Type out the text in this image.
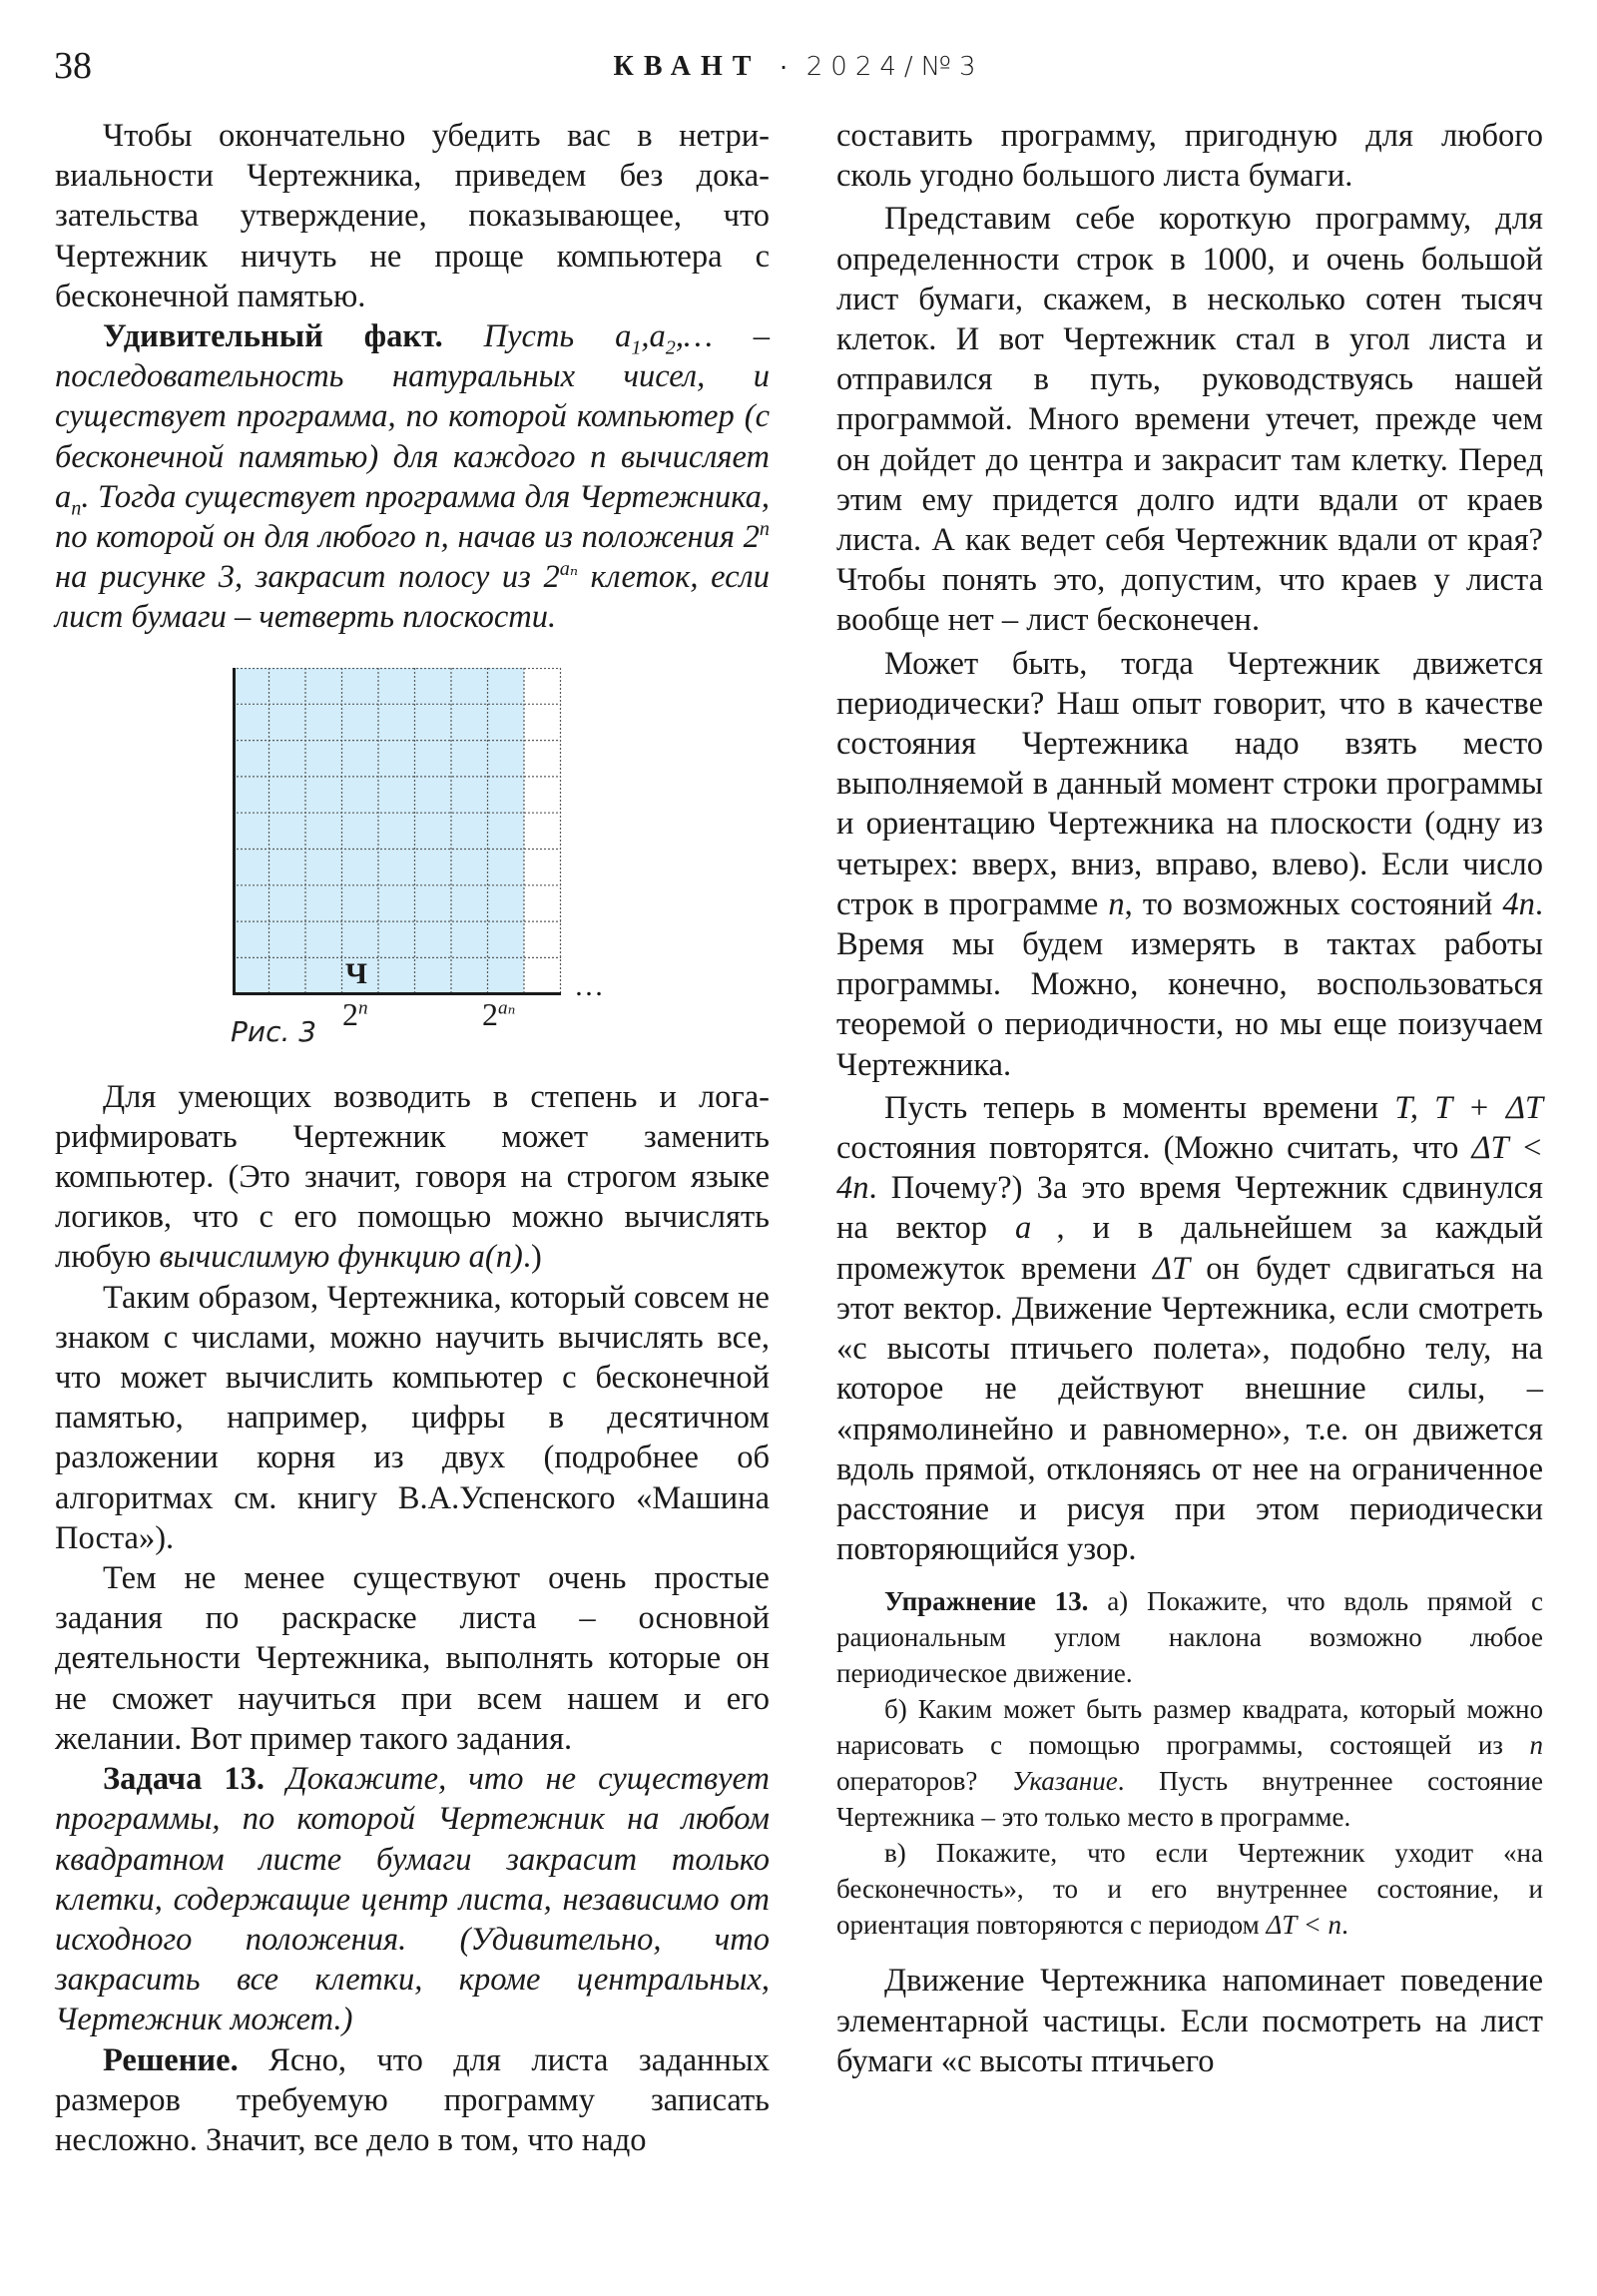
38	КВАНТ · 2024/№3

Чтобы окончательно убедить вас в нетривиальности Чертежника, приведем без доказательства утверждение, показывающее, что Чертежник ничуть не проще компьютера с бесконечной памятью.

Удивительный факт. Пусть $a_1,a_2,\dots$ – последовательность натуральных чисел, и существует программа, по которой компьютер (с бесконечной памятью) для каждого n вычисляет $a_n$. Тогда существует программа для Чертежника, по которой он для любого n, начав из положения 2$^n$ на рисунке 3, закрасит полосу из $2^{a_n}$ клеток, если лист бумаги – четверть плоскости.

Ч	…
2$^n$	$2^{a_n}$
Рис. 3

Для умеющих возводить в степень и логарифмировать Чертежник может заменить компьютер. (Это значит, говоря на строгом языке логиков, что с его помощью можно вычислять любую вычислимую функцию a(n).)

Таким образом, Чертежника, который совсем не знаком с числами, можно научить вычислять все, что может вычислить компьютер с бесконечной памятью, например, цифры в десятичном разложении корня из двух (подробнее об алгоритмах см. книгу В.А.Успенского «Машина Поста»).

Тем не менее существуют очень простые задания по раскраске листа – основной деятельности Чертежника, выполнять которые он не сможет научиться при всем нашем и его желании. Вот пример такого задания.

Задача 13. Докажите, что не существует программы, по которой Чертежник на любом квадратном листе бумаги закрасит только клетки, содержащие центр листа, независимо от исходного положения. (Удивительно, что закрасить все клетки, кроме центральных, Чертежник может.)

Решение. Ясно, что для листа заданных размеров требуемую программу записать несложно. Значит, все дело в том, что надо

составить программу, пригодную для любого сколь угодно большого листа бумаги.

Представим себе короткую программу, для определенности строк в 1000, и очень большой лист бумаги, скажем, в несколько сотен тысяч клеток. И вот Чертежник стал в угол листа и отправился в путь, руководствуясь нашей программой. Много времени утечет, прежде чем он дойдет до центра и закрасит там клетку. Перед этим ему придется долго идти вдали от краев листа. А как ведет себя Чертежник вдали от края? Чтобы понять это, допустим, что краев у листа вообще нет – лист бесконечен.

Может быть, тогда Чертежник движется периодически? Наш опыт говорит, что в качестве состояния Чертежника надо взять место выполняемой в данный момент строки программы и ориентацию Чертежника на плоскости (одну из четырех: вверх, вниз, вправо, влево). Если число строк в программе n, то возможных состояний 4n. Время мы будем измерять в тактах работы программы. Можно, конечно, воспользоваться теоремой о периодичности, но мы еще поизучаем Чертежника.

Пусть теперь в моменты времени T, T + ΔT состояния повторятся. (Можно считать, что ΔT < 4n. Почему?) За это время Чертежник сдвинулся на вектор a⃗, и в дальнейшем за каждый промежуток времени ΔT он будет сдвигаться на этот вектор. Движение Чертежника, если смотреть «с высоты птичьего полета», подобно телу, на которое не действуют внешние силы, – «прямолинейно и равномерно», т.е. он движется вдоль прямой, отклоняясь от нее на ограниченное расстояние и рисуя при этом периодически повторяющийся узор.

Упражнение 13. а) Покажите, что вдоль прямой с рациональным углом наклона возможно любое периодическое движение.

б) Каким может быть размер квадрата, который можно нарисовать с помощью программы, состоящей из n операторов? Указание. Пусть внутреннее состояние Чертежника – это только место в программе.

в) Покажите, что если Чертежник уходит «на бесконечность», то и его внутреннее состояние, и ориентация повторяются с периодом ΔT < n.

Движение Чертежника напоминает поведение элементарной частицы. Если посмотреть на лист бумаги «с высоты птичьего
